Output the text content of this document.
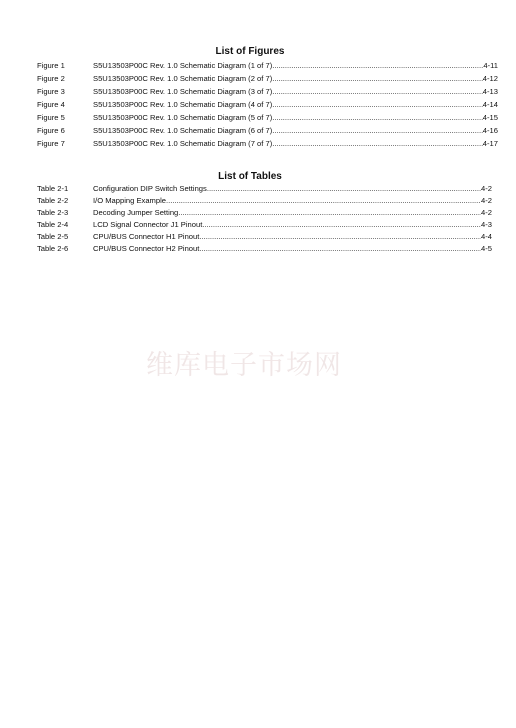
List of Figures
Figure 1	S5U13503P00C Rev. 1.0 Schematic Diagram (1 of 7) .....	4-11
Figure 2	S5U13503P00C Rev. 1.0 Schematic Diagram (2 of 7) .....	4-12
Figure 3	S5U13503P00C Rev. 1.0 Schematic Diagram (3 of 7) .....	4-13
Figure 4	S5U13503P00C Rev. 1.0 Schematic Diagram (4 of 7) .....	4-14
Figure 5	S5U13503P00C Rev. 1.0 Schematic Diagram (5 of 7) .....	4-15
Figure 6	S5U13503P00C Rev. 1.0 Schematic Diagram (6 of 7) .....	4-16
Figure 7	S5U13503P00C Rev. 1.0 Schematic Diagram (7 of 7) .....	4-17
List of Tables
Table 2-1	Configuration DIP Switch Settings .....	4-2
Table 2-2	I/O Mapping Example .....	4-2
Table 2-3	Decoding Jumper Setting .....	4-2
Table 2-4	LCD Signal Connector J1 Pinout .....	4-3
Table 2-5	CPU/BUS Connector H1 Pinout .....	4-4
Table 2-6	CPU/BUS Connector H2 Pinout .....	4-5
维库电子市场网
